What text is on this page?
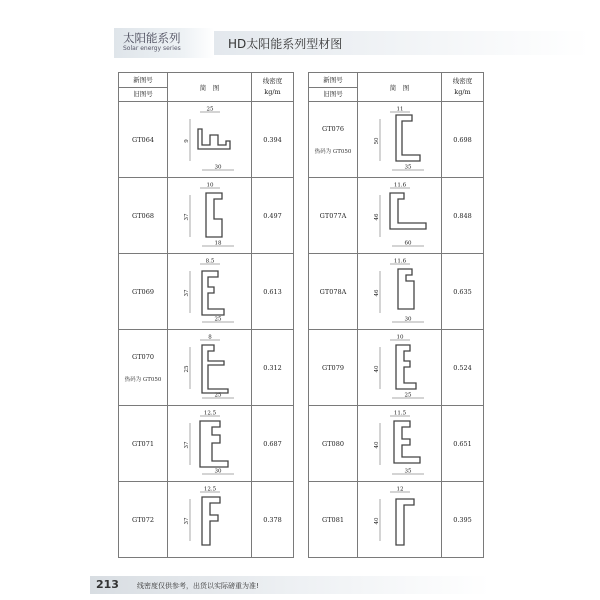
太阳能系列
Solar energy series	HD太阳能系列型材图
新图号
旧图号	简　图	线密度
kg/m

GT064	25
9
30	0.394

GT068	10
37
18	0.497

GT069	8.5
37
25	0.613

GT070
热码为 GT050	8
25
25	0.312

GT071	12.5
37
30	0.687

GT072	12.5
37	0.378
新图号
旧图号	简　图	线密度
kg/m

GT076
热码为 GT050	11
50
35	0.698

GT077A	11.6
46
60	0.848

GT078A	11.6
46
30	0.635

GT079	10
40
25	0.524

GT080	11.5
40
35	0.651

GT081	12
40	0.395
213	线密度仅供参考，出货以实际磅重为准!
